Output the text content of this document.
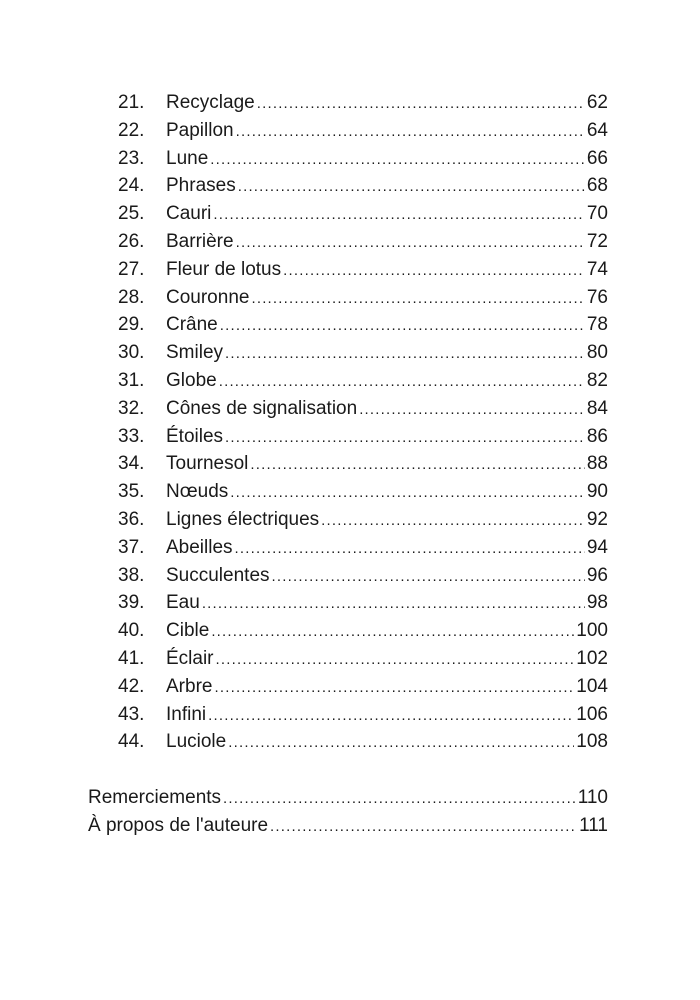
21.	Recyclage .....	62
22.	Papillon .....	64
23.	Lune .....	66
24.	Phrases .....	68
25.	Cauri .....	70
26.	Barrière .....	72
27.	Fleur de lotus .....	74
28.	Couronne .....	76
29.	Crâne .....	78
30.	Smiley .....	80
31.	Globe .....	82
32.	Cônes de signalisation .....	84
33.	Étoiles .....	86
34.	Tournesol .....	88
35.	Nœuds .....	90
36.	Lignes électriques .....	92
37.	Abeilles .....	94
38.	Succulentes .....	96
39.	Eau .....	98
40.	Cible .....	100
41.	Éclair .....	102
42.	Arbre .....	104
43.	Infini .....	106
44.	Luciole .....	108
Remerciements .....	110
À propos de l'auteure .....	111
